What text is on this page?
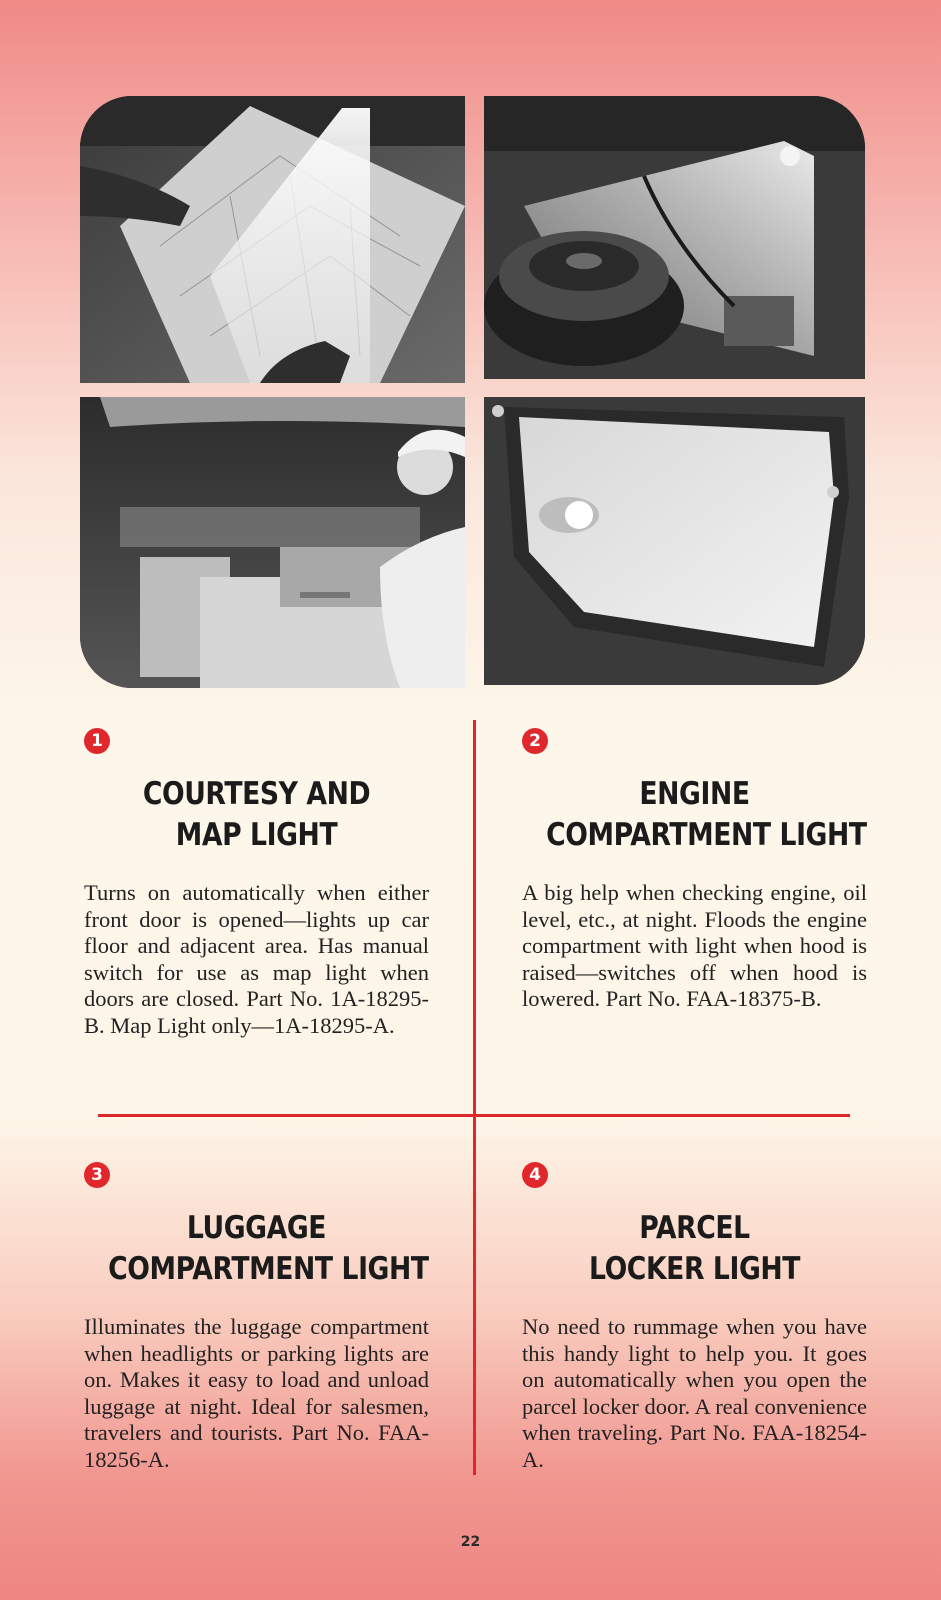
1
COURTESY AND
MAP LIGHT
Turns on automatically when either front door is opened—lights up car floor and adjacent area. Has manual switch for use as map light when doors are closed. Part No. 1A-18295-B. Map Light only—1A-18295-A.
2
ENGINE
COMPARTMENT LIGHT
A big help when checking engine, oil level, etc., at night. Floods the engine compartment with light when hood is raised—switches off when hood is lowered. Part No. FAA-18375-B.
3
LUGGAGE
COMPARTMENT LIGHT
Illuminates the luggage compartment when headlights or parking lights are on. Makes it easy to load and unload luggage at night. Ideal for salesmen, travelers and tourists. Part No. FAA-18256-A.
4
PARCEL
LOCKER LIGHT
No need to rummage when you have this handy light to help you. It goes on automatically when you open the parcel locker door. A real convenience when traveling. Part No. FAA-18254-A.
22
